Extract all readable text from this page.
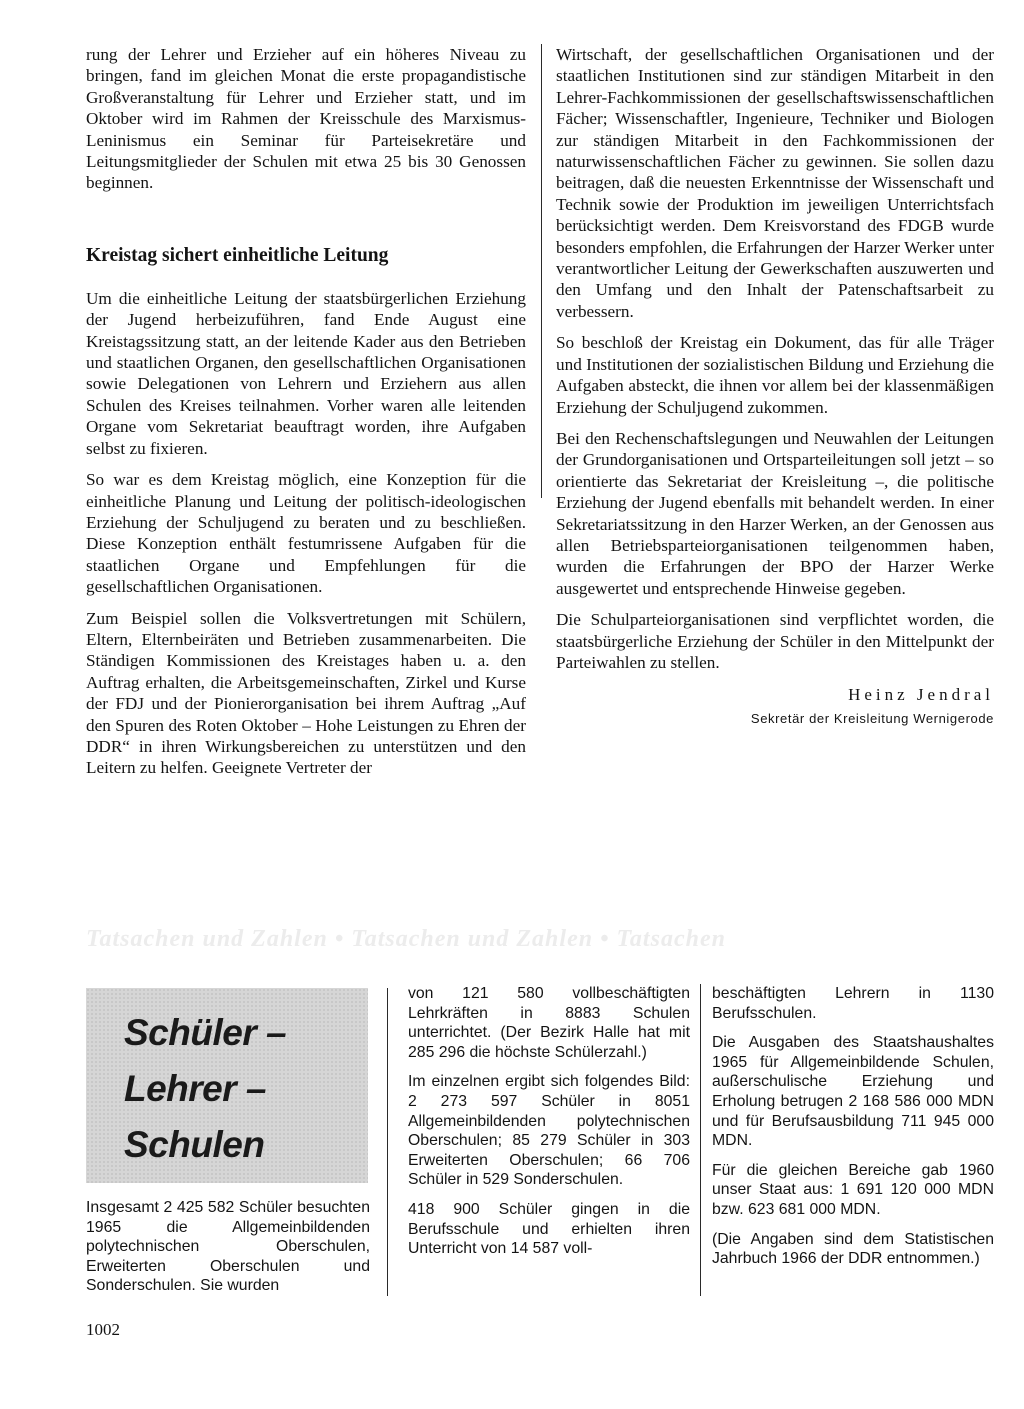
rung der Lehrer und Erzieher auf ein höheres Niveau zu bringen, fand im gleichen Monat die erste propagandistische Großveranstaltung für Lehrer und Erzieher statt, und im Oktober wird im Rahmen der Kreisschule des Marxismus-Leninismus ein Seminar für Parteisekretäre und Leitungsmitglieder der Schulen mit etwa 25 bis 30 Genossen beginnen.

Kreistag sichert einheitliche Leitung

Um die einheitliche Leitung der staatsbürgerlichen Erziehung der Jugend herbeizuführen, fand Ende August eine Kreistagssitzung statt, an der leitende Kader aus den Betrieben und staatlichen Organen, den gesellschaftlichen Organisationen sowie Delegationen von Lehrern und Erziehern aus allen Schulen des Kreises teilnahmen. Vorher waren alle leitenden Organe vom Sekretariat beauftragt worden, ihre Aufgaben selbst zu fixieren.

So war es dem Kreistag möglich, eine Konzeption für die einheitliche Planung und Leitung der politisch-ideologischen Erziehung der Schuljugend zu beraten und zu beschließen. Diese Konzeption enthält festumrissene Aufgaben für die staatlichen Organe und Empfehlungen für die gesellschaftlichen Organisationen.

Zum Beispiel sollen die Volksvertretungen mit Schülern, Eltern, Elternbeiräten und Betrieben zusammenarbeiten. Die Ständigen Kommissionen des Kreistages haben u. a. den Auftrag erhalten, die Arbeitsgemeinschaften, Zirkel und Kurse der FDJ und der Pionierorganisation bei ihrem Auftrag „Auf den Spuren des Roten Oktober – Hohe Leistungen zu Ehren der DDR“ in ihren Wirkungsbereichen zu unterstützen und den Leitern zu helfen. Geeignete Vertreter der

Wirtschaft, der gesellschaftlichen Organisationen und der staatlichen Institutionen sind zur ständigen Mitarbeit in den Lehrer-Fachkommissionen der gesellschaftswissenschaftlichen Fächer; Wissenschaftler, Ingenieure, Techniker und Biologen zur ständigen Mitarbeit in den Fachkommissionen der naturwissenschaftlichen Fächer zu gewinnen. Sie sollen dazu beitragen, daß die neuesten Erkenntnisse der Wissenschaft und Technik sowie der Produktion im jeweiligen Unterrichtsfach berücksichtigt werden. Dem Kreisvorstand des FDGB wurde besonders empfohlen, die Erfahrungen der Harzer Werker unter verantwortlicher Leitung der Gewerkschaften auszuwerten und den Umfang und den Inhalt der Patenschaftsarbeit zu verbessern.

So beschloß der Kreistag ein Dokument, das für alle Träger und Institutionen der sozialistischen Bildung und Erziehung die Aufgaben absteckt, die ihnen vor allem bei der klassenmäßigen Erziehung der Schuljugend zukommen.

Bei den Rechenschaftslegungen und Neuwahlen der Leitungen der Grundorganisationen und Ortsparteileitungen soll jetzt – so orientierte das Sekretariat der Kreisleitung –, die politische Erziehung der Jugend ebenfalls mit behandelt werden. In einer Sekretariatssitzung in den Harzer Werken, an der Genossen aus allen Betriebsparteiorganisationen teilgenommen haben, wurden die Erfahrungen der BPO der Harzer Werke ausgewertet und entsprechende Hinweise gegeben.

Die Schulparteiorganisationen sind verpflichtet worden, die staatsbürgerliche Erziehung der Schüler in den Mittelpunkt der Parteiwahlen zu stellen.

Heinz Jendral
Sekretär der Kreisleitung Wernigerode
Tatsachen und Zahlen • Tatsachen und Zahlen • Tatsachen
Schüler –
Lehrer –
Schulen

Insgesamt 2 425 582 Schüler besuchten 1965 die Allgemeinbildenden polytechnischen Oberschulen, Erweiterten Oberschulen und Sonderschulen. Sie wurden

von 121 580 vollbeschäftigten Lehrkräften in 8883 Schulen unterrichtet. (Der Bezirk Halle hat mit 285 296 die höchste Schülerzahl.)

Im einzelnen ergibt sich folgendes Bild: 2 273 597 Schüler in 8051 Allgemeinbildenden polytechnischen Oberschulen; 85 279 Schüler in 303 Erweiterten Oberschulen; 66 706 Schüler in 529 Sonderschulen.

418 900 Schüler gingen in die Berufsschule und erhielten ihren Unterricht von 14 587 voll-

beschäftigten Lehrern in 1130 Berufsschulen.

Die Ausgaben des Staatshaushaltes 1965 für Allgemeinbildende Schulen, außerschulische Erziehung und Erholung betrugen 2 168 586 000 MDN und für Berufsausbildung 711 945 000 MDN.

Für die gleichen Bereiche gab 1960 unser Staat aus: 1 691 120 000 MDN bzw. 623 681 000 MDN.

(Die Angaben sind dem Statistischen Jahrbuch 1966 der DDR entnommen.)

1002
